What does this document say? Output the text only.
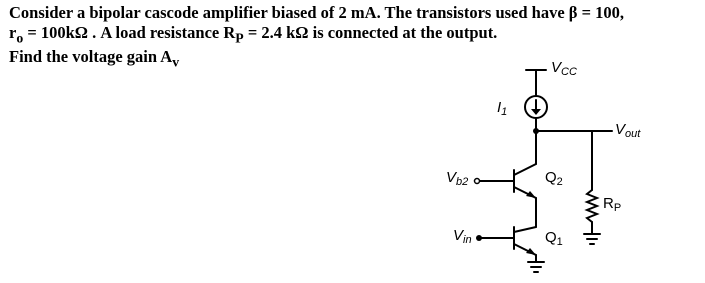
Consider a bipolar cascode amplifier biased of 2 mA. The transistors used have β = 100,

$r_o = 100k\Omega$ . A load resistance $R_P = 2.4$ kΩ is connected at the output.

Find the voltage gain $A_v$	$V_{CC}$
$I_1$
$V_{out}$
$V_{b2}$	$Q_2$
$R_P$
$V_{in}$	$Q_1$
